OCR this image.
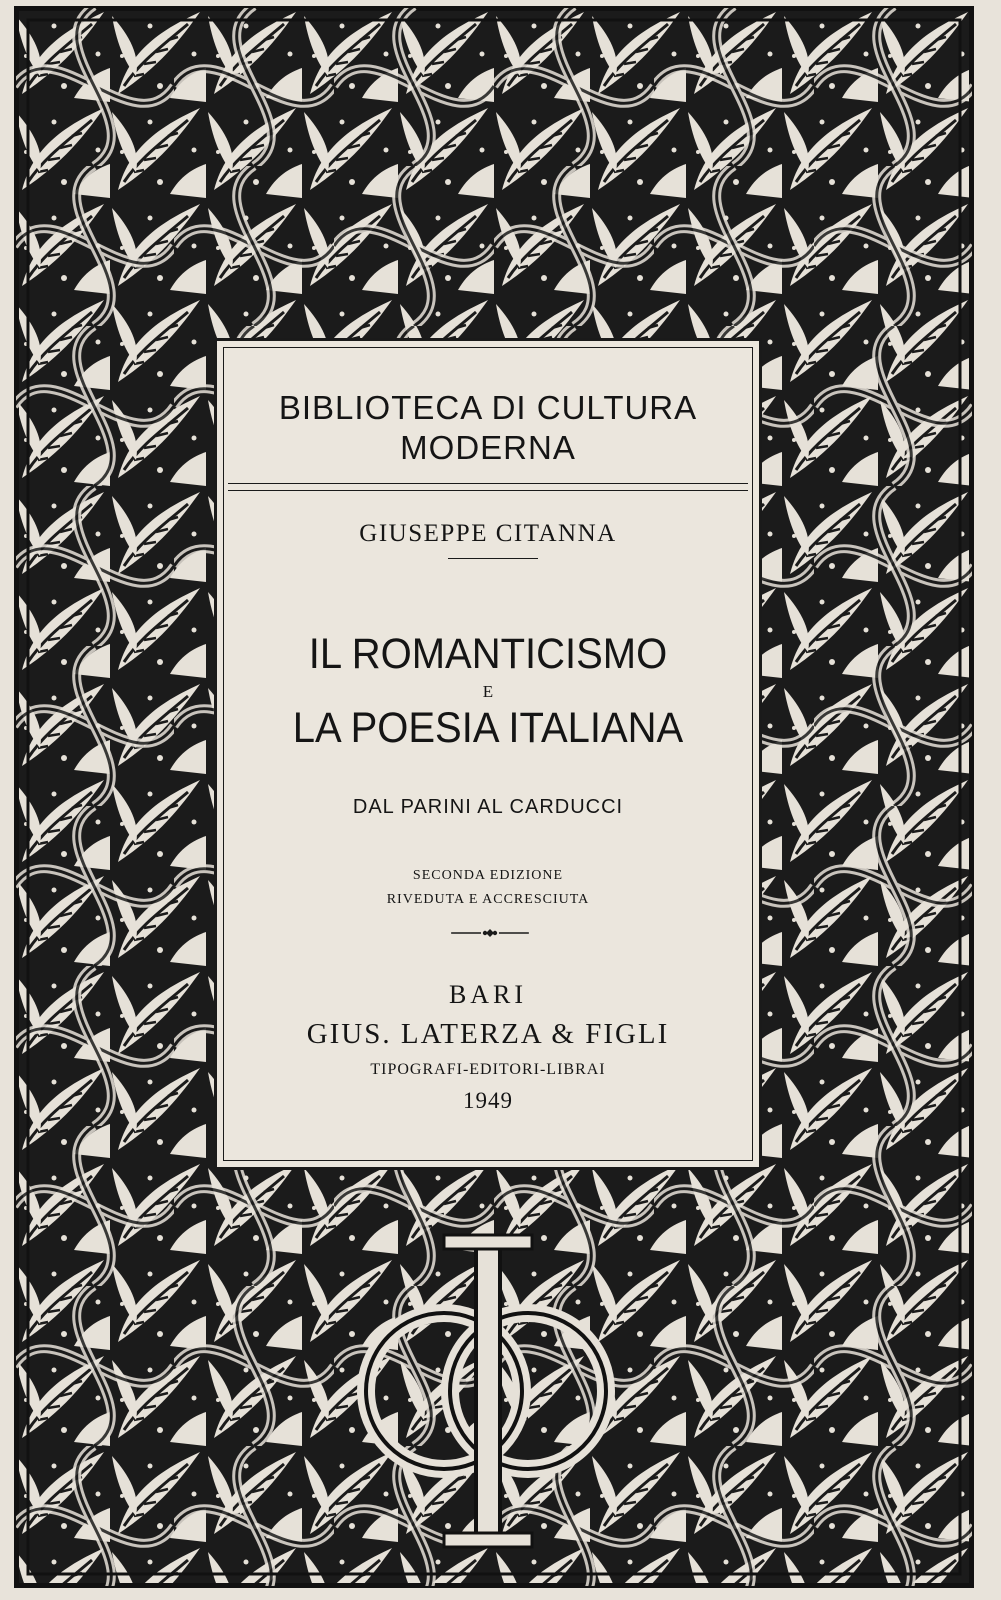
BIBLIOTECA DI CULTURA
MODERNA
GIUSEPPE CITANNA
IL ROMANTICISMO
E
LA POESIA ITALIANA
DAL PARINI AL CARDUCCI
SECONDA EDIZIONE
RIVEDUTA E ACCRESCIUTA
BARI
GIUS. LATERZA & FIGLI
TIPOGRAFI-EDITORI-LIBRAI
1949
